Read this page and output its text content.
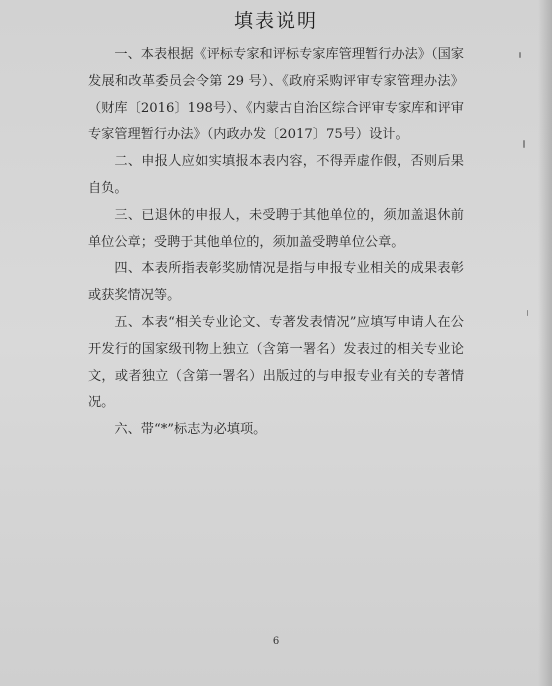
填表说明

一、本表根据《评标专家和评标专家库管理暂行办法》（国家发展和改革委员会令第 29 号）、《政府采购评审专家管理办法》（财库〔2016〕198号）、《内蒙古自治区综合评审专家库和评审专家管理暂行办法》（内政办发〔2017〕75号）设计。

二、申报人应如实填报本表内容，不得弄虚作假，否则后果自负。

三、已退休的申报人，未受聘于其他单位的，须加盖退休前单位公章；受聘于其他单位的，须加盖受聘单位公章。

四、本表所指表彰奖励情况是指与申报专业相关的成果表彰或获奖情况等。

五、本表“相关专业论文、专著发表情况”应填写申请人在公开发行的国家级刊物上独立（含第一署名）发表过的相关专业论文，或者独立（含第一署名）出版过的与申报专业有关的专著情况。

六、带“*”标志为必填项。

6
